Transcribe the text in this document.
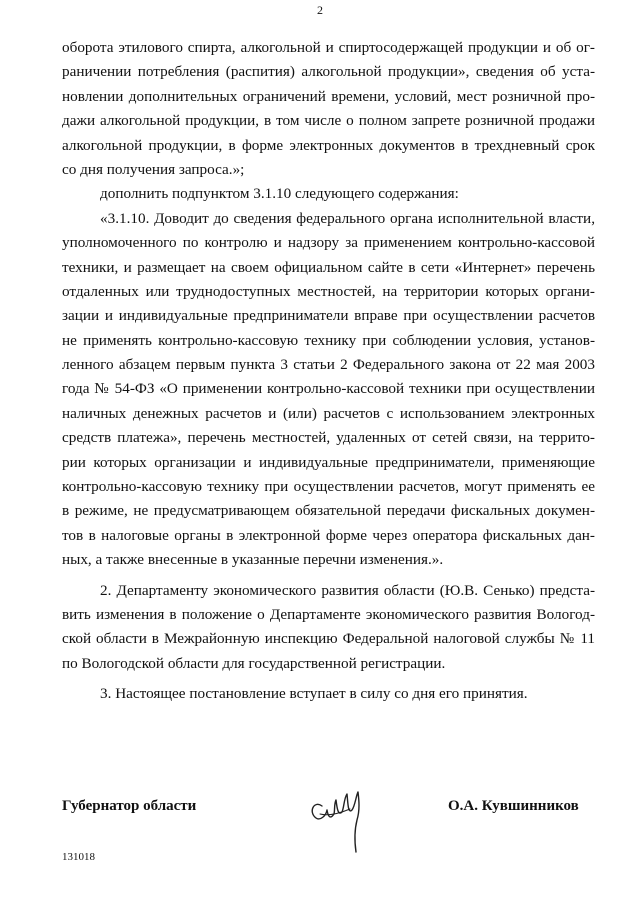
2
оборота этилового спирта, алкогольной и спиртосодержащей продукции и об ог-
раничении потребления (распития) алкогольной продукции», сведения об уста-
новлении дополнительных ограничений времени, условий, мест розничной про-
дажи алкогольной продукции, в том числе о полном запрете розничной продажи
алкогольной продукции, в форме электронных документов в трехдневный срок
со дня получения запроса.»;
дополнить подпунктом 3.1.10 следующего содержания:
«3.1.10. Доводит до сведения федерального органа исполнительной власти,
уполномоченного по контролю и надзору за применением контрольно-кассовой
техники, и размещает на своем официальном сайте в сети «Интернет» перечень
отдаленных или труднодоступных местностей, на территории которых органи-
зации и индивидуальные предприниматели вправе при осуществлении расчетов
не применять контрольно-кассовую технику при соблюдении условия, установ-
ленного абзацем первым пункта 3 статьи 2 Федерального закона от 22 мая 2003
года № 54-ФЗ «О применении контрольно-кассовой техники при осуществлении
наличных денежных расчетов и (или) расчетов с использованием электронных
средств платежа», перечень местностей, удаленных от сетей связи, на террито-
рии которых организации и индивидуальные предприниматели, применяющие
контрольно-кассовую технику при осуществлении расчетов, могут применять ее
в режиме, не предусматривающем обязательной передачи фискальных докумен-
тов в налоговые органы в электронной форме через оператора фискальных дан-
ных, а также внесенные в указанные перечни изменения.».
2. Департаменту экономического развития области (Ю.В. Сенько) предста-
вить изменения в положение о Департаменте экономического развития Вологод-
ской области в Межрайонную инспекцию Федеральной налоговой службы № 11
по Вологодской области для государственной регистрации.
3. Настоящее постановление вступает в силу со дня его принятия.
Губернатор области	О.А. Кувшинников
131018
